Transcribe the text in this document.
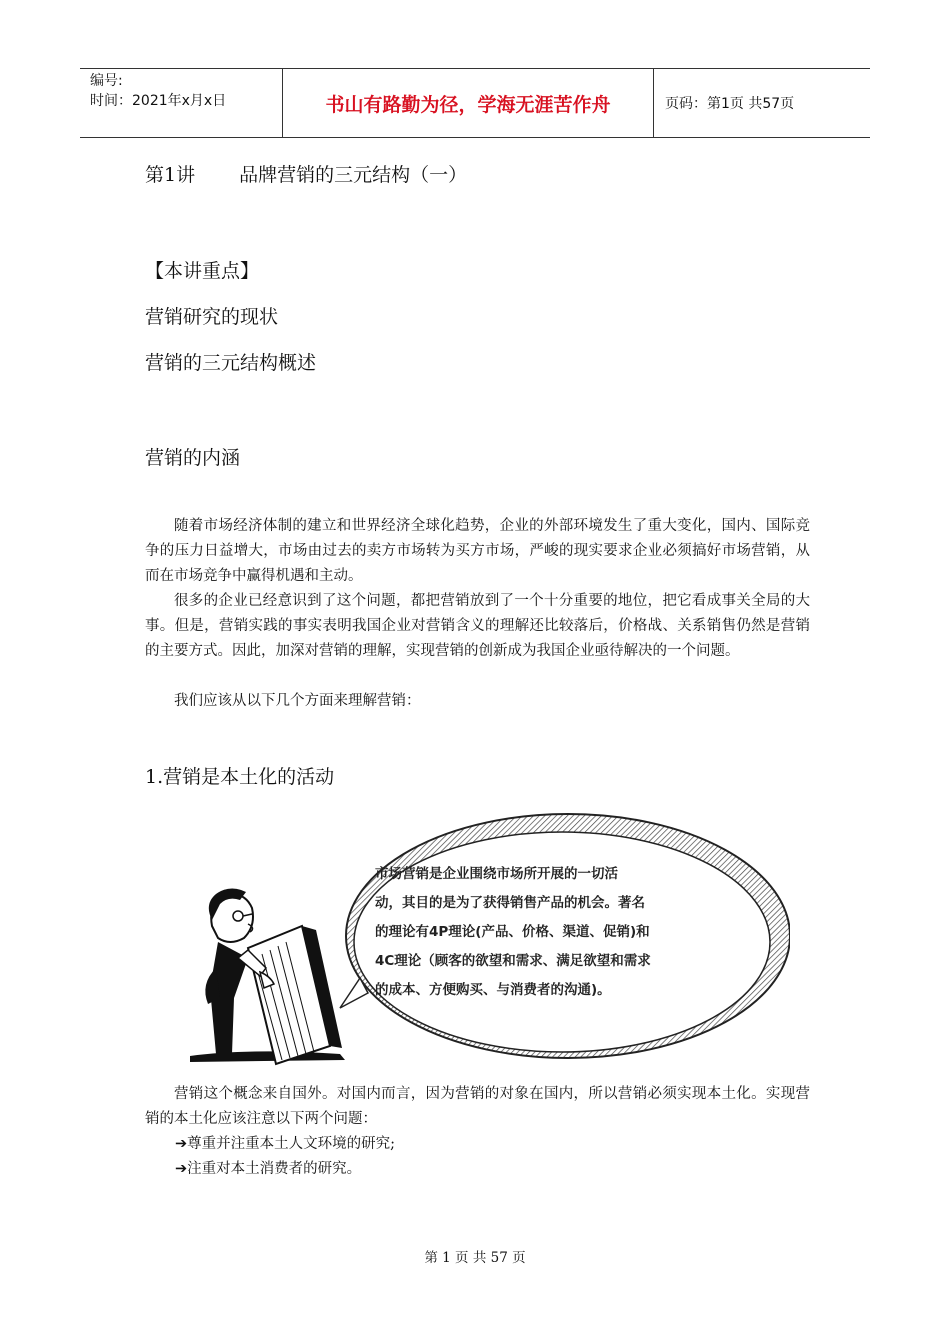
编号:
时间：2021年x月x日	书山有路勤为径，学海无涯苦作舟	页码：第1页 共57页
第1讲 品牌营销的三元结构（一）
【本讲重点】
营销研究的现状
营销的三元结构概述
营销的内涵
随着市场经济体制的建立和世界经济全球化趋势，企业的外部环境发生了重大变化，国内、国际竞争的压力日益增大，市场由过去的卖方市场转为买方市场，严峻的现实要求企业必须搞好市场营销，从而在市场竞争中赢得机遇和主动。
很多的企业已经意识到了这个问题，都把营销放到了一个十分重要的地位，把它看成事关全局的大事。但是，营销实践的事实表明我国企业对营销含义的理解还比较落后，价格战、关系销售仍然是营销的主要方式。因此，加深对营销的理解，实现营销的创新成为我国企业亟待解决的一个问题。
我们应该从以下几个方面来理解营销：
1.营销是本土化的活动
市场营销是企业围绕市场所开展的一切活
动，其目的是为了获得销售产品的机会。著名
的理论有4P理论(产品、价格、渠道、促销)和
4C理论（顾客的欲望和需求、满足欲望和需求
的成本、方便购买、与消费者的沟通)。
营销这个概念来自国外。对国内而言，因为营销的对象在国内，所以营销必须实现本土化。实现营销的本土化应该注意以下两个问题：
➔尊重并注重本土人文环境的研究;
➔注重对本土消费者的研究。
第 1 页 共 57 页
